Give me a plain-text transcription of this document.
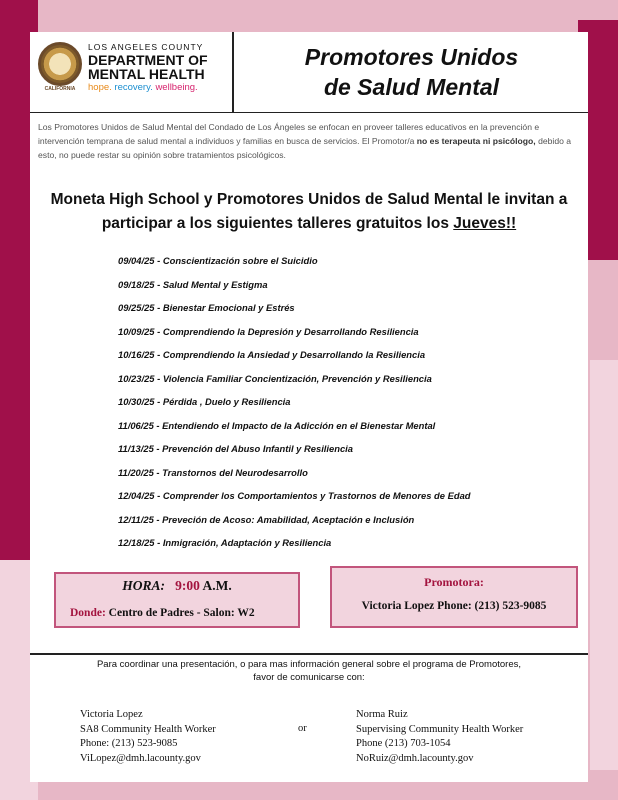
CALIFORNIA
LOS ANGELES COUNTY
DEPARTMENT OF
MENTAL HEALTH
hope. recovery. wellbeing.
Promotores Unidos
de Salud Mental
Los Promotores Unidos de Salud Mental del Condado de Los Ángeles se enfocan en proveer talleres educativos en la prevención e intervención temprana de salud mental a individuos y familias en busca de servicios. El Promotor/a no es terapeuta ni psicólogo, debido a esto, no puede restar su opinión sobre tratamientos psicológicos.
Moneta High School y Promotores Unidos de Salud Mental le invitan a
participar a los siguientes talleres gratuitos los Jueves!!
09/04/25 - Conscientización sobre el Suicidio
09/18/25 - Salud Mental y Estigma
09/25/25 - Bienestar Emocional y Estrés
10/09/25 - Comprendiendo la Depresión y Desarrollando Resiliencia
10/16/25 - Comprendiendo la Ansiedad y Desarrollando la Resiliencia
10/23/25 - Violencia Familiar Concientización, Prevención y Resiliencia
10/30/25 - Pérdida , Duelo y Resiliencia
11/06/25 - Entendiendo el Impacto de la Adicción en el Bienestar Mental
11/13/25 - Prevención del Abuso Infantil y Resiliencia
11/20/25 - Transtornos del Neurodesarrollo
12/04/25 - Comprender los Comportamientos y Trastornos de Menores de Edad
12/11/25 - Preveción de Acoso: Amabilidad, Aceptación e Inclusión
12/18/25 - Inmigración, Adaptación y Resiliencia
HORA: 9:00 A.M.
Donde: Centro de Padres - Salon: W2
Promotora:
Victoria Lopez Phone: (213) 523-9085
Para coordinar una presentación, o para mas información general sobre el programa de Promotores,
favor de comunicarse con:
Victoria Lopez
SA8 Community Health Worker
Phone: (213) 523-9085
ViLopez@dmh.lacounty.gov
or
Norma Ruiz
Supervising Community Health Worker
Phone (213) 703-1054
NoRuiz@dmh.lacounty.gov
